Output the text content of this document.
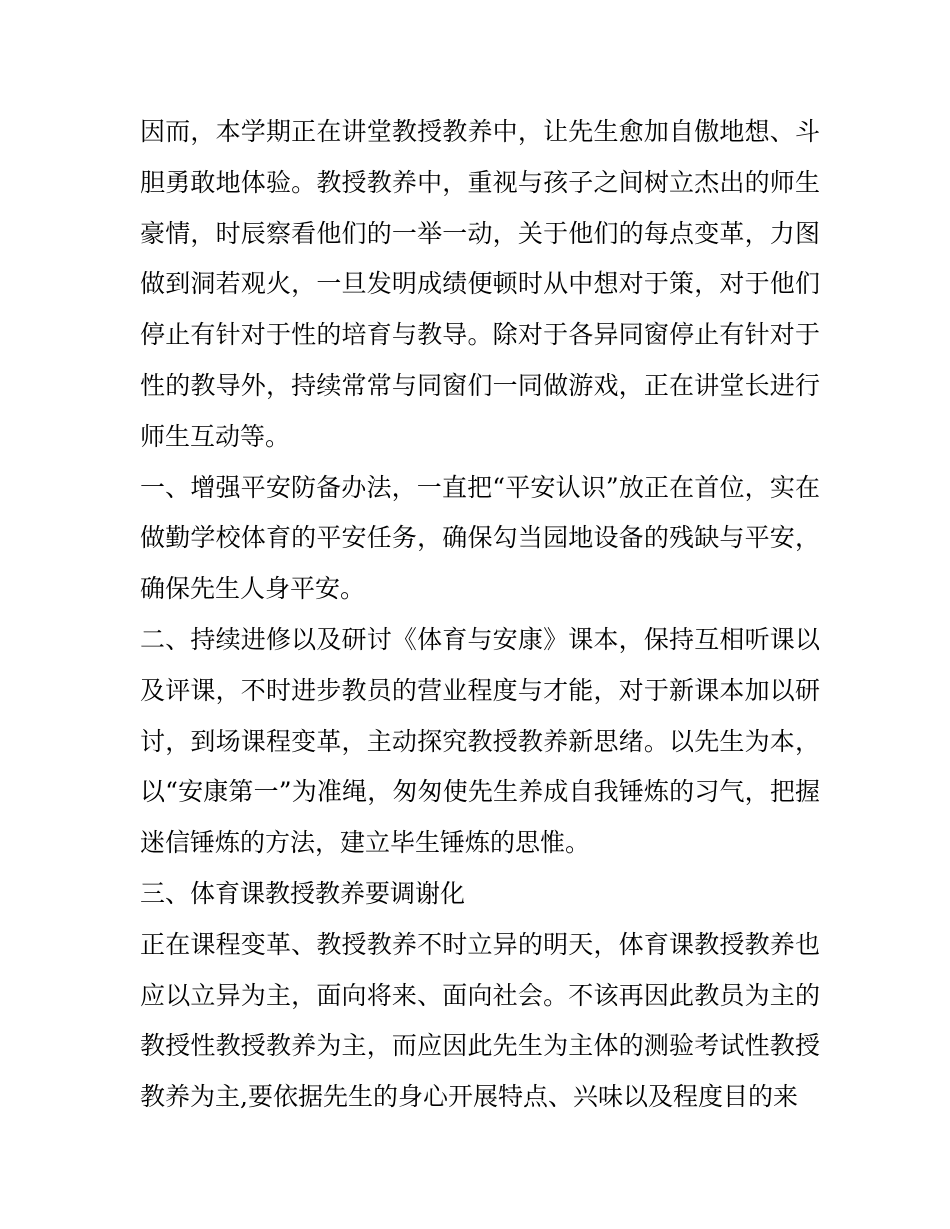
因而，本学期正在讲堂教授教养中，让先生愈加自傲地想、斗
胆勇敢地体验。教授教养中，重视与孩子之间树立杰出的师生
豪情，时辰察看他们的一举一动，关于他们的每点变革，力图
做到洞若观火，一旦发明成绩便顿时从中想对于策，对于他们
停止有针对于性的培育与教导。除对于各异同窗停止有针对于
性的教导外，持续常常与同窗们一同做游戏，正在讲堂长进行
师生互动等。
一、增强平安防备办法，一直把“平安认识”放正在首位，实在
做勤学校体育的平安任务，确保勾当园地设备的残缺与平安，
确保先生人身平安。
二、持续进修以及研讨《体育与安康》课本，保持互相听课以
及评课，不时进步教员的营业程度与才能，对于新课本加以研
讨，到场课程变革，主动探究教授教养新思绪。以先生为本，
以“安康第一”为准绳，匆匆使先生养成自我锤炼的习气，把握
迷信锤炼的方法，建立毕生锤炼的思惟。
三、体育课教授教养要调谢化
正在课程变革、教授教养不时立异的明天，体育课教授教养也
应以立异为主，面向将来、面向社会。不该再因此教员为主的
教授性教授教养为主，而应因此先生为主体的测验考试性教授
教养为主,要依据先生的身心开展特点、兴味以及程度目的来
